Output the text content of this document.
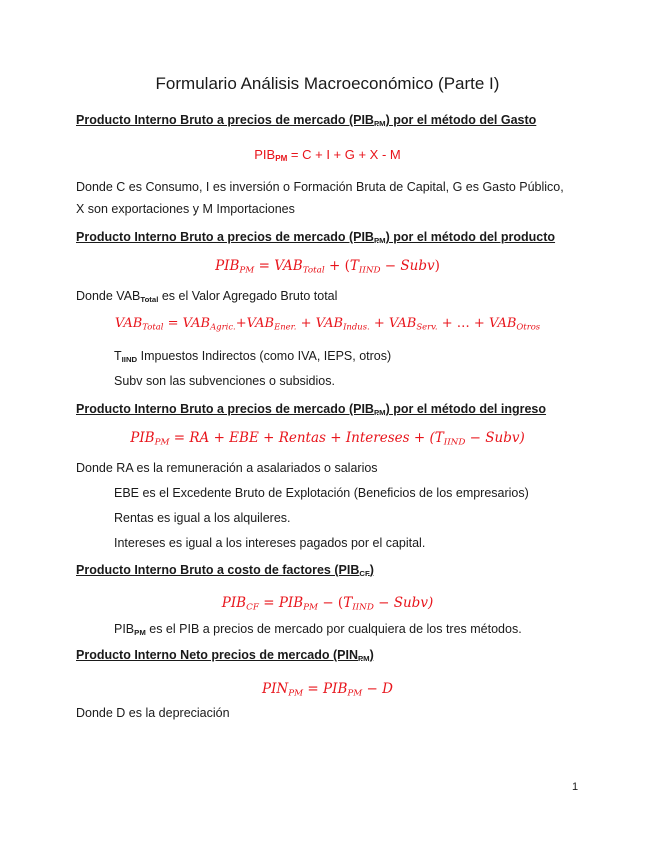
Formulario Análisis Macroeconómico (Parte I)
Producto Interno Bruto a precios de mercado (PIBPM) por el método del Gasto
PIBPM = C + I + G + X - M
Donde C es Consumo, I es inversión o Formación Bruta de Capital, G es Gasto Público,
X son exportaciones y M Importaciones
Producto Interno Bruto a precios de mercado (PIBPM) por el método del producto
$PIB_{PM} = VAB_{Total} + (T_{IIND}$ − Subv)
Donde VABTotal es el Valor Agregado Bruto total
$VAB_{Total} = VAB_{Agric.}+VAB_{Ener.} + VAB_{Indus.} + VAB_{Serv.}$ + … + $VAB_{Otros}$
TIIND Impuestos Indirectos (como IVA, IEPS, otros)
Subv son las subvenciones o subsidios.
Producto Interno Bruto a precios de mercado (PIBPM) por el método del ingreso
$PIB_{PM}$ = RA + EBE + Rentas + Intereses + ($T_{IIND}$ − Subv)
Donde RA es la remuneración a asalariados o salarios
EBE es el Excedente Bruto de Explotación (Beneficios de los empresarios)
Rentas es igual a los alquileres.
Intereses es igual a los intereses pagados por el capital.
Producto Interno Bruto a costo de factores (PIBCF)
$PIB_{CF} = PIB_{PM} - (T_{IIND}$ − Subv)
PIBPM es el PIB a precios de mercado por cualquiera de los tres métodos.
Producto Interno Neto precios de mercado (PINPM)
$PIN_{PM} = PIB_{PM} - D$
Donde D es la depreciación
1
